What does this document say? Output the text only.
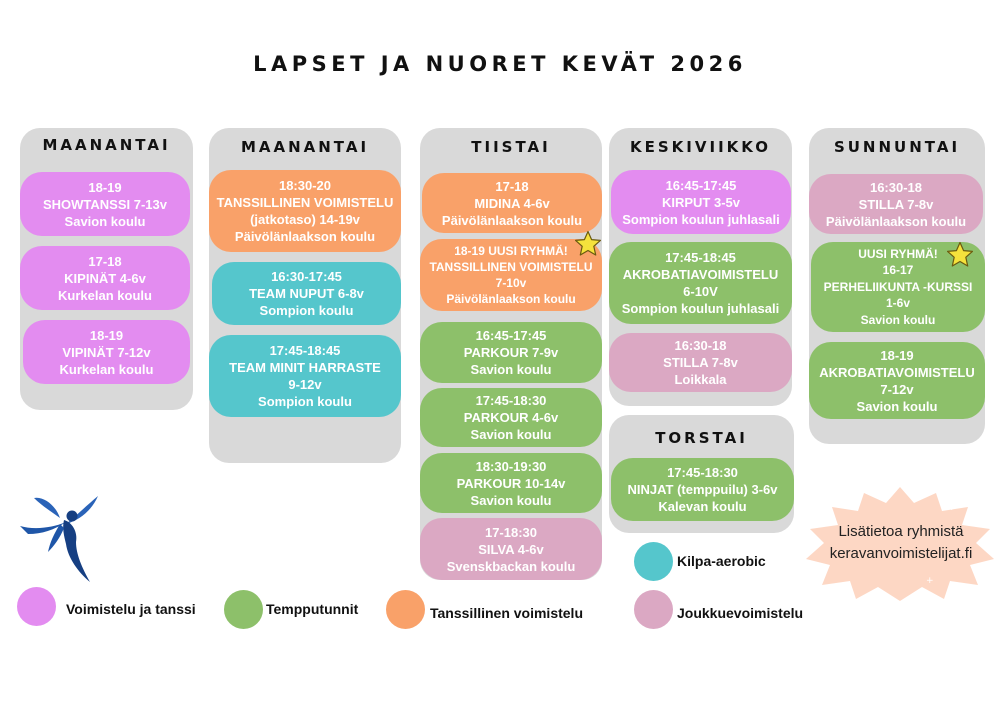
LAPSET JA NUORET KEVÄT 2026
MAANANTAI
18-19
SHOWTANSSI 7-13v
Savion koulu
17-18
KIPINÄT 4-6v
Kurkelan koulu
18-19
VIPINÄT 7-12v
Kurkelan koulu
MAANANTAI
18:30-20
TANSSILLINEN VOIMISTELU
(jatkotaso) 14-19v
Päivölänlaakson koulu
16:30-17:45
TEAM NUPUT 6-8v
Sompion koulu
17:45-18:45
TEAM MINIT HARRASTE
9-12v
Sompion koulu
TIISTAI
17-18
MIDINA 4-6v
Päivölänlaakson koulu
18-19 UUSI RYHMÄ!
TANSSILLINEN VOIMISTELU
7-10v
Päivölänlaakson koulu
16:45-17:45
PARKOUR 7-9v
Savion koulu
17:45-18:30
PARKOUR 4-6v
Savion koulu
18:30-19:30
PARKOUR 10-14v
Savion koulu
17-18:30
SILVA 4-6v
Svenskbackan koulu
KESKIVIIKKO
16:45-17:45
KIRPUT 3-5v
Sompion koulun juhlasali
17:45-18:45
AKROBATIAVOIMISTELU
6-10V
Sompion koulun juhlasali
16:30-18
STILLA 7-8v
Loikkala
TORSTAI
17:45-18:30
NINJAT (temppuilu) 3-6v
Kalevan koulu
SUNNUNTAI
16:30-18
STILLA 7-8v
Päivölänlaakson koulu
UUSI RYHMÄ!
16-17
PERHELIIKUNTA -KURSSI
1-6v
Savion koulu
18-19
AKROBATIAVOIMISTELU
7-12v
Savion koulu
+
+
Lisätietoa ryhmistä
keravanvoimistelijat.fi
Voimistelu ja tanssi	Tempputunnit	Tanssillinen voimistelu
Kilpa-aerobic
Joukkuevoimistelu
